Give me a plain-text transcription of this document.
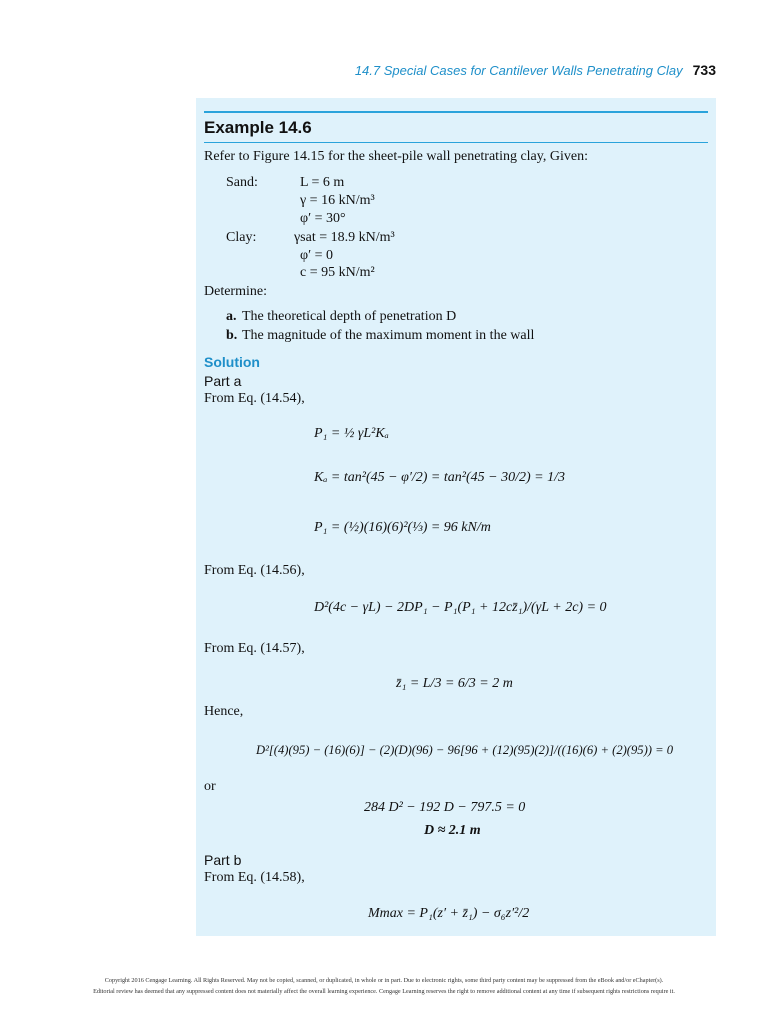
14.7 Special Cases for Cantilever Walls Penetrating Clay 733
Example 14.6
Refer to Figure 14.15 for the sheet-pile wall penetrating clay, Given:
Sand:	L = 6 m
γ = 16 kN/m³
φ′ = 30°
Clay:	γsat = 18.9 kN/m³
φ′ = 0
c = 95 kN/m²
Determine:
a. The theoretical depth of penetration D
b. The magnitude of the maximum moment in the wall
Solution
Part a
From Eq. (14.54),
P₁ = ½ γL²Kₐ
Kₐ = tan²(45 − φ′/2) = tan²(45 − 30/2) = 1/3
P₁ = (½)(16)(6)²(⅓) = 96 kN/m
From Eq. (14.56),
D²(4c − γL) − 2DP₁ − P₁(P₁ + 12cz̄₁)/(γL + 2c) = 0
From Eq. (14.57),
z̄₁ = L/3 = 6/3 = 2 m
Hence,
D²[(4)(95) − (16)(6)] − (2)(D)(96) − 96[96 + (12)(95)(2)]/((16)(6) + (2)(95)) = 0
or
284 D² − 192 D − 797.5 = 0
D ≈ 2.1 m
Part b
From Eq. (14.58),
Mmax = P₁(z′ + z̄₁) − σ₆z′²/2
Copyright 2016 Cengage Learning. All Rights Reserved. May not be copied, scanned, or duplicated, in whole or in part. Due to electronic rights, some third party content may be suppressed from the eBook and/or eChapter(s).
Editorial review has deemed that any suppressed content does not materially affect the overall learning experience. Cengage Learning reserves the right to remove additional content at any time if subsequent rights restrictions require it.
